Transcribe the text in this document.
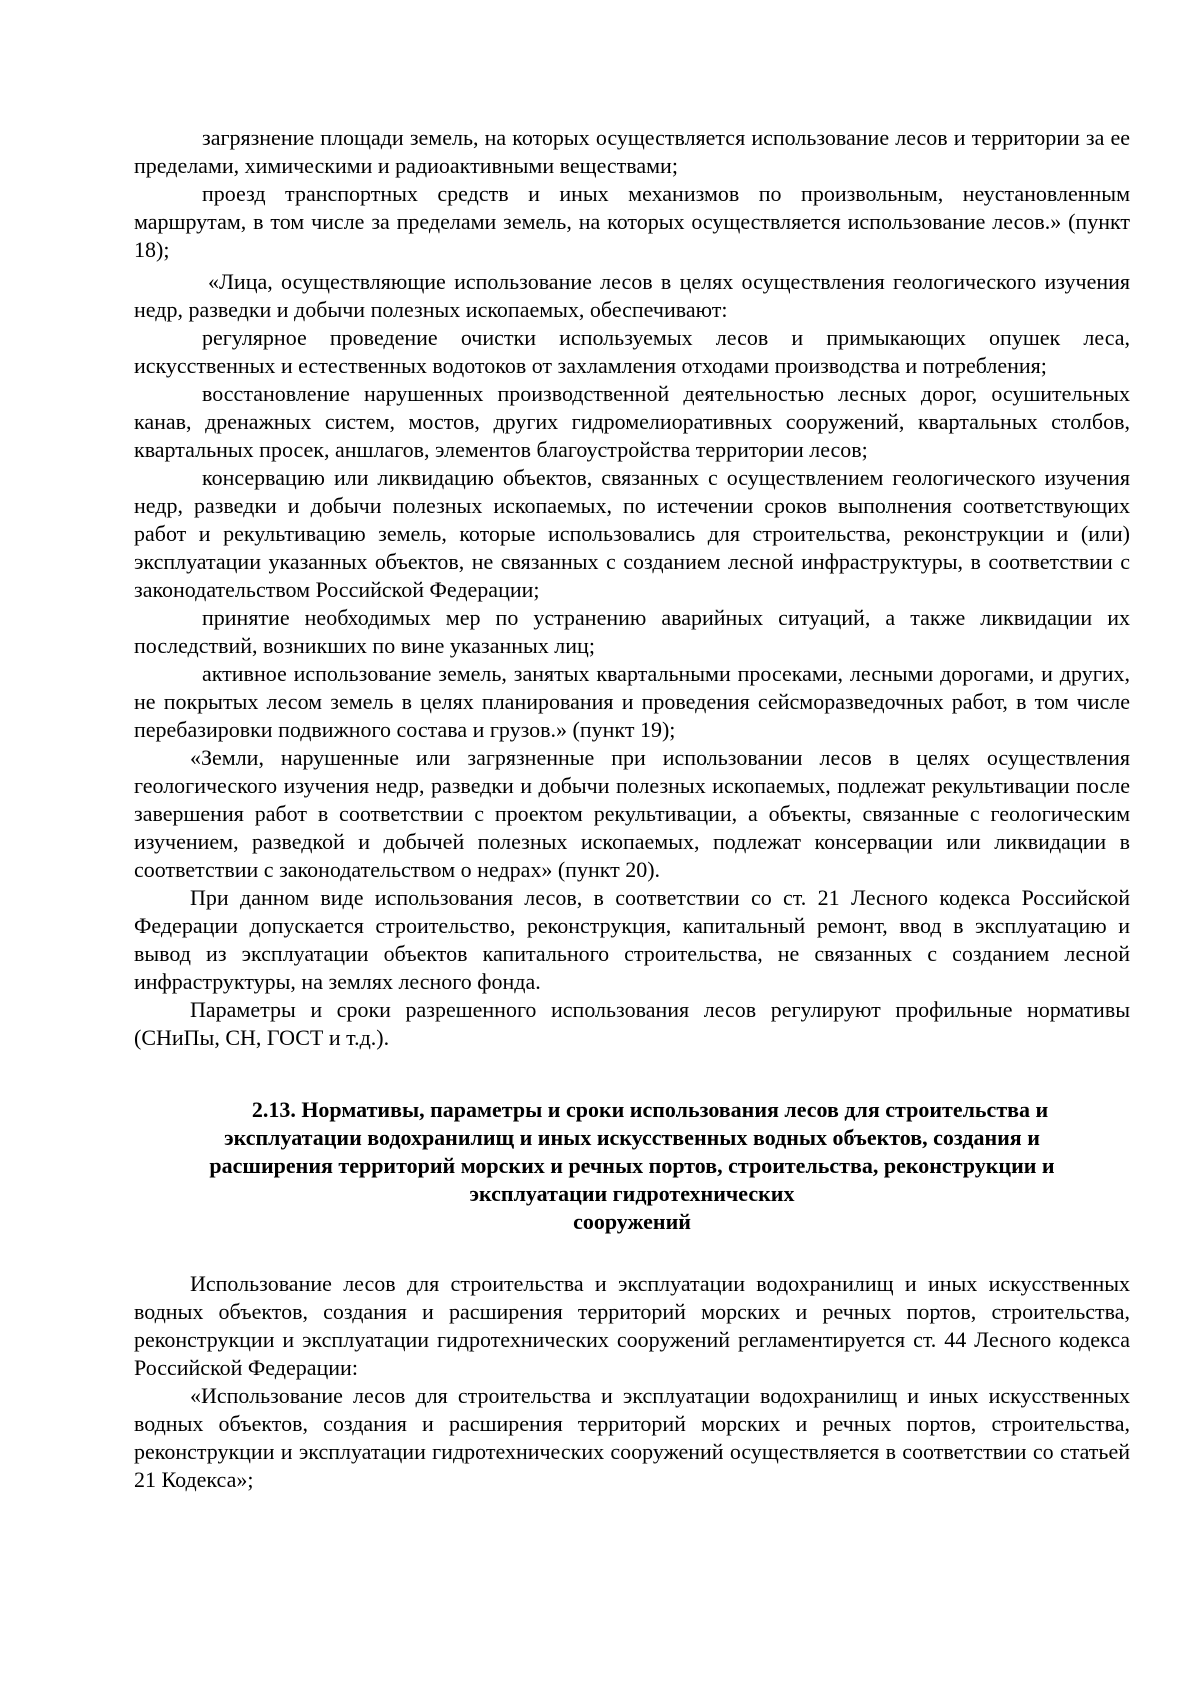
загрязнение площади земель, на которых осуществляется использование лесов и территории за ее пределами, химическими и радиоактивными веществами;

проезд транспортных средств и иных механизмов по произвольным, неустановленным маршрутам, в том числе за пределами земель, на которых осуществляется использование лесов.» (пункт 18);

«Лица, осуществляющие использование лесов в целях осуществления геологического изучения недр, разведки и добычи полезных ископаемых, обеспечивают:

регулярное проведение очистки используемых лесов и примыкающих опушек леса, искусственных и естественных водотоков от захламления отходами производства и потребления;

восстановление нарушенных производственной деятельностью лесных дорог, осушительных канав, дренажных систем, мостов, других гидромелиоративных сооружений, квартальных столбов, квартальных просек, аншлагов, элементов благоустройства территории лесов;

консервацию или ликвидацию объектов, связанных с осуществлением геологического изучения недр, разведки и добычи полезных ископаемых, по истечении сроков выполнения соответствующих работ и рекультивацию земель, которые использовались для строительства, реконструкции и (или) эксплуатации указанных объектов, не связанных с созданием лесной инфраструктуры, в соответствии с законодательством Российской Федерации;

принятие необходимых мер по устранению аварийных ситуаций, а также ликвидации их последствий, возникших по вине указанных лиц;

активное использование земель, занятых квартальными просеками, лесными дорогами, и других, не покрытых лесом земель в целях планирования и проведения сейсморазведочных работ, в том числе перебазировки подвижного состава и грузов.» (пункт 19);

«Земли, нарушенные или загрязненные при использовании лесов в целях осуществления геологического изучения недр, разведки и добычи полезных ископаемых, подлежат рекультивации после завершения работ в соответствии с проектом рекультивации, а объекты, связанные с геологическим изучением, разведкой и добычей полезных ископаемых, подлежат консервации или ликвидации в соответствии с законодательством о недрах» (пункт 20).

При данном виде использования лесов, в соответствии со ст. 21 Лесного кодекса Российской Федерации допускается строительство, реконструкция, капитальный ремонт, ввод в эксплуатацию и вывод из эксплуатации объектов капитального строительства, не связанных с созданием лесной инфраструктуры, на землях лесного фонда.

Параметры и сроки разрешенного использования лесов регулируют профильные нормативы (СНиПы, СН, ГОСТ и т.д.).

2.13. Нормативы, параметры и сроки использования лесов для строительства и
эксплуатации водохранилищ и иных искусственных водных объектов, создания и
расширения территорий морских и речных портов, строительства, реконструкции и
эксплуатации гидротехнических
сооружений

Использование лесов для строительства и эксплуатации водохранилищ и иных искусственных водных объектов, создания и расширения территорий морских и речных портов, строительства, реконструкции и эксплуатации гидротехнических сооружений регламентируется ст. 44 Лесного кодекса Российской Федерации:

«Использование лесов для строительства и эксплуатации водохранилищ и иных искусственных водных объектов, создания и расширения территорий морских и речных портов, строительства, реконструкции и эксплуатации гидротехнических сооружений осуществляется в соответствии со статьей 21 Кодекса»;
